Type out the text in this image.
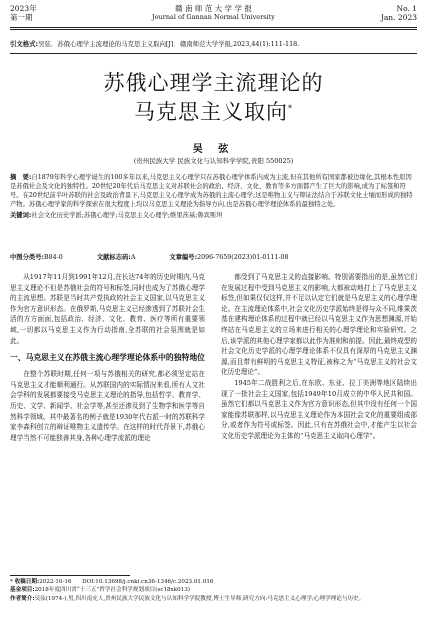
2023年
第一期
赣 南 师 范 大 学 学 报
Journal of Gannan Normal University
No. 1
Jan. 2023
引文格式:吴弦．苏俄心理学主流理论的马克思主义取向[J]．赣南师范大学学报,2023,44(1):111-118.
苏俄心理学主流理论的
马克思主义取向*
吴 弦
(贵州民族大学 民族文化与认知科学学院,贵阳 550025)
摘　要:自1879年科学心理学诞生的100多年以来,马克思主义心理学只在苏俄心理学体系内成为主流,但在其他所有国家都被边缘化,其根本性原因是苏俄社会及文化的独特性。20世纪20年代后马克思主义对苏联社会的政治、经济、文化、教育等多方面都产生了巨大的影响,成为了标签和符号。在20世纪前半叶苏联的社会及政治背景下,马克思主义心理学成为苏俄的主流心理学;这是唯物主义与辩证法结合于苏联文化土壤而形成的独特产物。苏俄心理学家的科学探索在很大程度上均以马克思主义理论为指导方向,也是苏俄心理学理论体系的最独特之处。
关键词:社会文化历史学派;苏俄心理学;马克思主义心理学;维果茨基;鲁宾斯坦
中图分类号:B84-0	文献标志码:A	文章编号:2096-7659(2023)01-0111-08

从1917年11月到1991年12月,在长达74年的历史时期内,马克思主义理论不但是苏俄社会的符号和标签,同时也成为了苏俄心理学的主流思想。苏联是当时共产党执政的社会主义国家,以马克思主义作为官方意识形态。在俄罗斯,马克思主义已经渗透到了苏联社会生活的方方面面,包括政治、经济、文化、教育、医疗等所有重要领域,一切都以马克思主义作为行动指南,全苏联的社会氛围就是如此。

一、马克思主义在苏俄主流心理学理论体系中的独特地位

在整个苏联时期,任何一项与苏俄相关的研究,都必须坚定站在马克思主义才能顺利通行。从苏联国内的实际情况来看,所有人文社会学科的发展都要接受马克思主义理论的指导,包括哲学、教育学、历史、文学、新闻学、社会学等,甚至还渗及到了生物学和医学等自然科学领域。其中最著名的例子就是1930年代右派一时的苏联科学家李森科创立的辩证唯物主义遗传学。在这样的时代背景下,苏俄心理学当然不可能独善其身,各种心理学流派的理论

都受到了马克思主义的直接影响。特别需要指出的是,虽然它们在发展过程中受到马克思主义的影响,大都被动地打上了马克思主义标签,但如果仅仅这样,并不足以认定它们就是马克思主义的心理学理论。在主流理论体系中,社会文化历史学派始终是得与众不同,维果茨基在建构理论体系的过程中就已经以马克思主义作为思想渊源,并始终站在马克思主义的立场来进行相关的心理学理论和实验研究。之后,该学派的其他心理学家都以此作为准则和前提。因此,最终成型的社会文化历史学派的心理学理论体系不仅具有深厚的马克思主义渊源,而且带有鲜明的马克思主义特征,被称之为“马克思主义的社会文化历史理论”。

1945年二战胜利之后,在东欧、东亚、拉丁美洲等地区陆续出现了一批社会主义国家,包括1949年10月成立的中华人民共和国。虽然它们都以马克思主义作为官方意识形态,但其中没有任何一个国家能像苏联那样,以马克思主义理论作为本国社会文化的重要组成部分,或者作为符号或标签。因此,只有在苏俄社会中,才能产生以社会文化历史学派理论为主体的“马克思主义取向心理学”。

* 收稿日期:2022-10-16 DOI:10.13698/j.cnki.cn36-1346/c.2023.01.016
基金项目:2018年度四川省“十三五”哲学社会科学规划项目(sc18xk013)
作者简介:吴弦(1974-),男,四川南充人,贵州民族大学民族文化与认知科学学院教授,博士生导师,研究方向:马克思主义心理学;心理学理论与历史。
